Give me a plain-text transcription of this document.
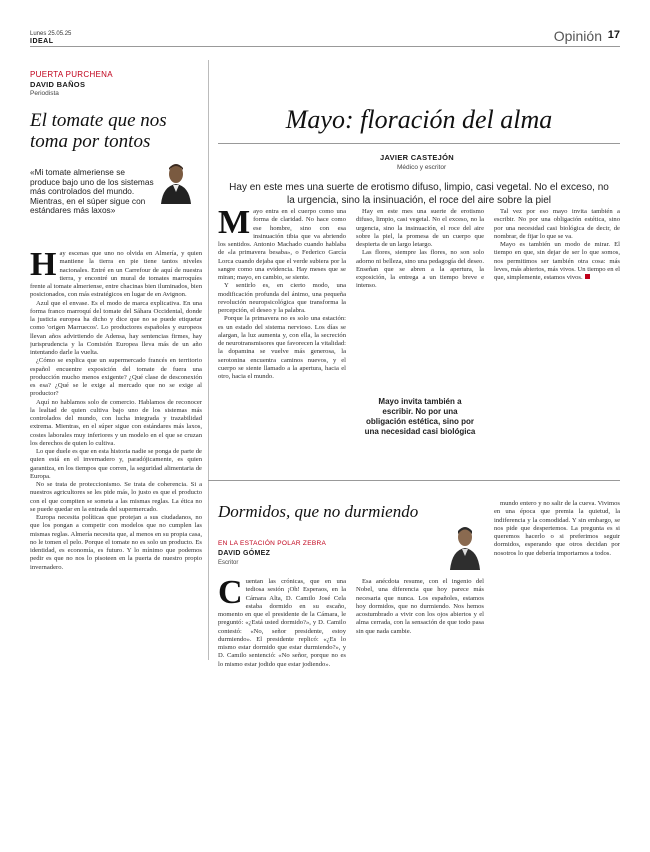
Lunes 25.05.25
IDEAL	Opinión 17
PUERTA PURCHENA
DAVID BAÑOS
Periodista
El tomate que nos toma por tontos
«Mi tomate almeriense se produce bajo uno de los sistemas más controlados del mundo. Mientras, en el súper sigue con estándares más laxos»

Hay escenas que uno no olvida en Almería, y quien mantiene la tierra en pie tiene tantos niveles nacionales. Entré en un Carrefour de aquí de nuestra tierra, y encontré un mural de tomates marroquíes frente al tomate almeriense, entre chacinas bien iluminados, bien posicionados, con más estratégicos en lugar de en Avignon.

Azul que el envase. Es el modo de marca explicativa. En una forma franco marroquí del tomate del Sáhara Occidental, donde la justicia europea ha dicho y dice que no se puede etiquetar como 'origen Marruecos'. Lo productores españoles y europeos llevan años advirtiendo de Adensa, hay sentencias firmes, hay jurisprudencia y la Comisión Europea lleva más de un año intentando darle la vuelta.

¿Cómo se explica que un supermercado francés en territorio español encuentre exposición del tomate de fuera una producción mucho menos exigente? ¿Qué clase de desconexión es esa? ¿Qué se le exige al mercado que no se exige al productor?

Aquí no hablamos solo de comercio. Hablamos de reconocer la lealtad de quien cultiva bajo uno de los sistemas más controlados del mundo, con lucha integrada y trazabilidad extrema. Mientras, en el súper sigue con estándares más laxos, costes laborales muy inferiores y un modelo en el que se cruzan los derechos de quien lo cultiva.

Lo que duele es que en esta historia nadie se ponga de parte de quien está en el invernadero y, paradójicamente, es quien garantiza, en los tiempos que corren, la seguridad alimentaria de Europa.

No se trata de proteccionismo. Se trata de coherencia. Si a nuestros agricultores se les pide más, lo justo es que el producto con el que compiten se someta a las mismas reglas. La ética no se puede quedar en la entrada del supermercado.

Europa necesita políticas que protejan a sus ciudadanos, no que los pongan a competir con modelos que no cumplen las mismas reglas. Almería necesita que, al menos en su propia casa, no le tomen el pelo. Porque el tomate no es solo un producto. Es identidad, es economía, es futuro. Y lo mínimo que podemos pedir es que no nos lo pisoteen en la puerta de nuestro propio invernadero.

Mayo: floración del alma
JAVIER CASTEJÓN
Médico y escritor
Hay en este mes una suerte de erotismo difuso, limpio, casi vegetal. No el exceso, no la urgencia, sino la insinuación, el roce del aire sobre la piel

Mayo entra en el cuerpo como una forma de claridad. No hace como ese hombre, sino con esa insinuación tibia que va abriendo los sentidos. Antonio Machado cuando hablaba de «la primavera besaba», o Federico García Lorca cuando dejaba que el verde subiera por la sangre como una evidencia. Hay meses que se miran; mayo, en cambio, se siente.

Y sentirlo es, en cierto modo, una modificación profunda del ánimo, una pequeña revolución neuropsicológica que transforma la percepción, el deseo y la palabra.

Porque la primavera no es solo una estación: es un estado del sistema nervioso. Los días se alargan, la luz aumenta y, con ella, la secreción de neurotransmisores que favorecen la vitalidad: la dopamina se vuelve más generosa, la serotonina encuentra caminos nuevos, y el cuerpo se siente llamado a la apertura, hacia el otro, hacia el mundo.

Hay en este mes una suerte de erotismo difuso, limpio, casi vegetal. No el exceso, no la urgencia, sino la insinuación, el roce del aire sobre la piel, la promesa de un cuerpo que despierta de un largo letargo.

Las flores, siempre las flores, no son solo adorno ni belleza, sino una pedagogía del deseo. Enseñan que se abren a la apertura, la exposición, la entrega a un tiempo breve e intenso.

Mayo invita también a escribir. No por una obligación estética, sino por una necesidad casi biológica

Tal vez por eso mayo invita también a escribir. No por una obligación estética, sino por una necesidad casi biológica de decir, de nombrar, de fijar lo que se va.

Mayo es también un modo de mirar. El tiempo en que, sin dejar de ser lo que somos, nos permitimos ser también otra cosa: más leves, más abiertos, más vivos. Un tiempo en el que, simplemente, estamos vivos.

Dormidos, que no durmiendo
EN LA ESTACIÓN POLAR ZEBRA
DAVID GÓMEZ
Escritor

Cuentan las crónicas, que en una tediosa sesión ¡Oh! Esperaos, en la Cámara Alta, D. Camilo José Cela estaba dormido en su escaño, momento en que el presidente de la Cámara, le preguntó: «¿Está usted dormido?», y D. Camilo contestó: «No, señor presidente, estoy durmiendo». El presidente replicó: «¿Es lo mismo estar dormido que estar durmiendo?», y D. Camilo sentenció: «No señor, porque no es lo mismo estar jodido que estar jodiendo».

Esa anécdota resume, con el ingenio del Nobel, una diferencia que hoy parece más necesaria que nunca. Los españoles, estamos hoy dormidos, que no durmiendo. Nos hemos acostumbrado a vivir con los ojos abiertos y el alma cerrada, con la sensación de que todo pasa sin que nada cambie.

mundo entero y no salir de la cueva. Vivimos en una época que premia la quietud, la indiferencia y la comodidad. Y sin embargo, se nos pide que despertemos. La pregunta es si queremos hacerlo o si preferimos seguir dormidos, esperando que otros decidan por nosotros lo que debería importarnos a todos.
